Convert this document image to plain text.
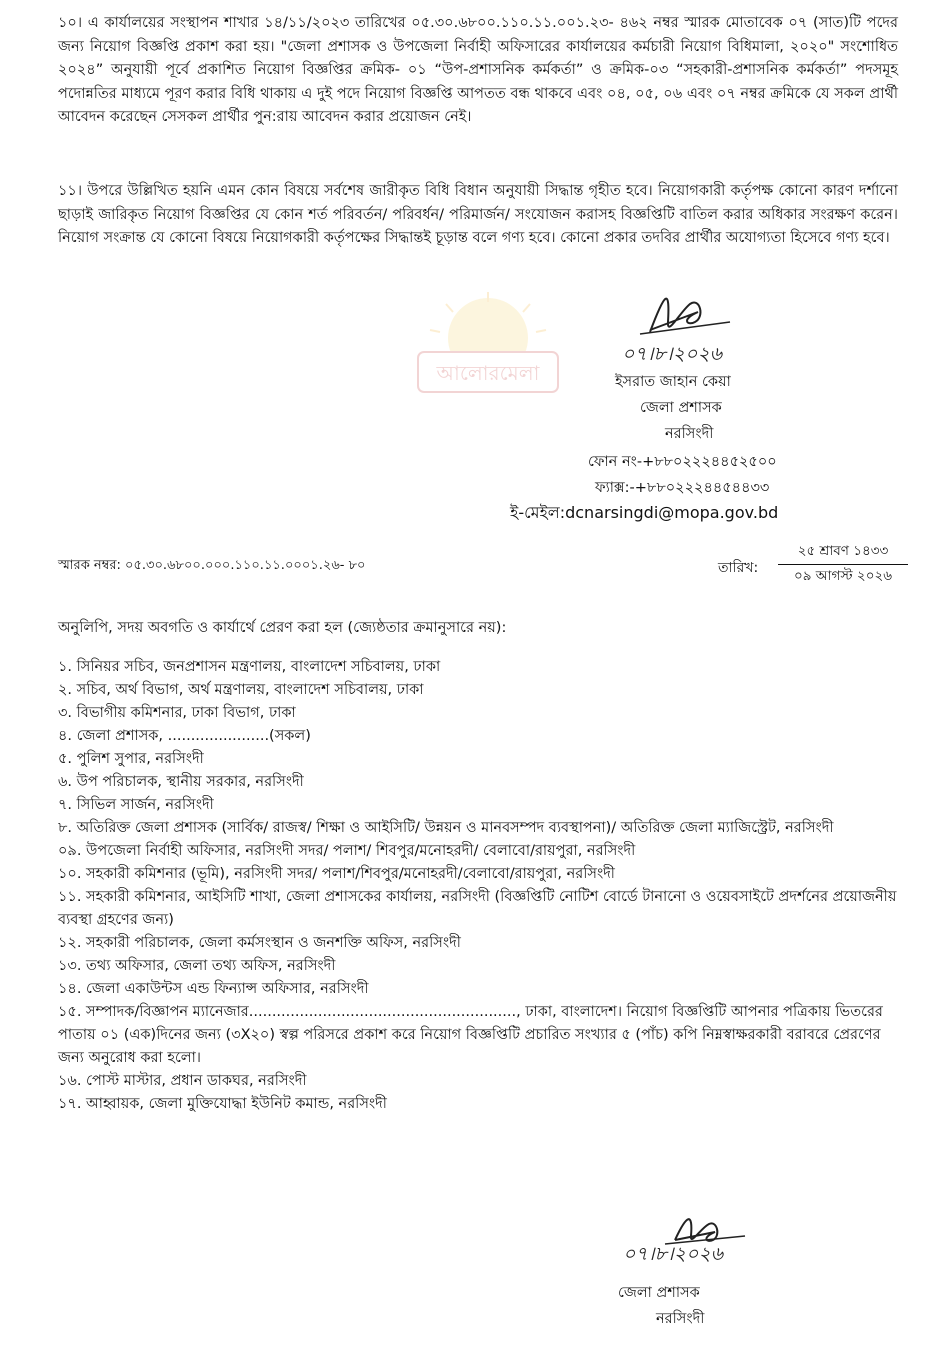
১০। এ কার্যালয়ের সংস্থাপন শাখার ১৪/১১/২০২৩ তারিখের ০৫.৩০.৬৮০০.১১০.১১.০০১.২৩- ৪৬২ নম্বর স্মারক মোতাবেক ০৭ (সাত)টি পদের জন্য নিয়োগ বিজ্ঞপ্তি প্রকাশ করা হয়। "জেলা প্রশাসক ও উপজেলা নির্বাহী অফিসারের কার্যালয়ের কর্মচারী নিয়োগ বিধিমালা, ২০২০" সংশোধিত ২০২৪” অনুযায়ী পূর্বে প্রকাশিত নিয়োগ বিজ্ঞপ্তির ক্রমিক- ০১ “উপ-প্রশাসনিক কর্মকর্তা” ও ক্রমিক-০৩ “সহকারী-প্রশাসনিক কর্মকর্তা” পদসমূহ পদোন্নতির মাধ্যমে পূরণ করার বিধি থাকায় এ দুই পদে নিয়োগ বিজ্ঞপ্তি আপতত বন্ধ থাকবে এবং ০৪, ০৫, ০৬ এবং ০৭ নম্বর ক্রমিকে যে সকল প্রার্থী আবেদন করেছেন সেসকল প্রার্থীর পুন:রায় আবেদন করার প্রয়োজন নেই।

১১। উপরে উল্লিখিত হয়নি এমন কোন বিষয়ে সর্বশেষ জারীকৃত বিধি বিধান অনুযায়ী সিদ্ধান্ত গৃহীত হবে। নিয়োগকারী কর্তৃপক্ষ কোনো কারণ দর্শানো ছাড়াই জারিকৃত নিয়োগ বিজ্ঞপ্তির যে কোন শর্ত পরিবর্তন/ পরিবর্ধন/ পরিমার্জন/ সংযোজন করাসহ বিজ্ঞপ্তিটি বাতিল করার অধিকার সংরক্ষণ করেন। নিয়োগ সংক্রান্ত যে কোনো বিষয়ে নিয়োগকারী কর্তৃপক্ষের সিদ্ধান্তই চূড়ান্ত বলে গণ্য হবে। কোনো প্রকার তদবির প্রার্থীর অযোগ্যতা হিসেবে গণ্য হবে।

আলোরমেলা
০৭।৮।২০২৬
ইসরাত জাহান কেয়া
জেলা প্রশাসক
নরসিংদী
ফোন নং-+৮৮০২২২৪৪৫২৫০০
ফ্যাক্স:-+৮৮০২২২৪৪৫৪৪৩৩
ই-মেইল:dcnarsingdi@mopa.gov.bd
স্মারক নম্বর: ০৫.৩০.৬৮০০.০০০.১১০.১১.০০০১.২৬- ৮০	তারিখ:
২৫ শ্রাবণ ১৪৩৩
০৯ আগস্ট ২০২৬
অনুলিপি, সদয় অবগতি ও কার্যার্থে প্রেরণ করা হল (জ্যেষ্ঠতার ক্রমানুসারে নয়):
১. সিনিয়র সচিব, জনপ্রশাসন মন্ত্রণালয়, বাংলাদেশ সচিবালয়, ঢাকা
২. সচিব, অর্থ বিভাগ, অর্থ মন্ত্রণালয়, বাংলাদেশ সচিবালয়, ঢাকা
৩. বিভাগীয় কমিশনার, ঢাকা বিভাগ, ঢাকা
৪. জেলা প্রশাসক, ......................(সকল)
৫. পুলিশ সুপার, নরসিংদী
৬. উপ পরিচালক, স্থানীয় সরকার, নরসিংদী
৭. সিভিল সার্জন, নরসিংদী
৮. অতিরিক্ত জেলা প্রশাসক (সার্বিক/ রাজস্ব/ শিক্ষা ও আইসিটি/ উন্নয়ন ও মানবসম্পদ ব্যবস্থাপনা)/ অতিরিক্ত জেলা ম্যাজিস্ট্রেট, নরসিংদী
০৯. উপজেলা নির্বাহী অফিসার, নরসিংদী সদর/ পলাশ/ শিবপুর/মনোহরদী/ বেলাবো/রায়পুরা, নরসিংদী
১০. সহকারী কমিশনার (ভূমি), নরসিংদী সদর/ পলাশ/শিবপুর/মনোহরদী/বেলাবো/রায়পুরা, নরসিংদী
১১. সহকারী কমিশনার, আইসিটি শাখা, জেলা প্রশাসকের কার্যালয়, নরসিংদী (বিজ্ঞপ্তিটি নোটিশ বোর্ডে টানানো ও ওয়েবসাইটে প্রদর্শনের প্রয়োজনীয় ব্যবস্থা গ্রহণের জন্য)
১২. সহকারী পরিচালক, জেলা কর্মসংস্থান ও জনশক্তি অফিস, নরসিংদী
১৩. তথ্য অফিসার, জেলা তথ্য অফিস, নরসিংদী
১৪. জেলা একাউন্টস এন্ড ফিন্যান্স অফিসার, নরসিংদী
১৫. সম্পাদক/বিজ্ঞাপন ম্যানেজার.........................................................., ঢাকা, বাংলাদেশ। নিয়োগ বিজ্ঞপ্তিটি আপনার পত্রিকায় ভিতরের পাতায় ০১ (এক)দিনের জন্য (৩X২০) স্বল্প পরিসরে প্রকাশ করে নিয়োগ বিজ্ঞপ্তিটি প্রচারিত সংখ্যার ৫ (পাঁচ) কপি নিম্নস্বাক্ষরকারী বরাবরে প্রেরণের জন্য অনুরোধ করা হলো।
১৬. পোস্ট মাস্টার, প্রধান ডাকঘর, নরসিংদী
১৭. আহ্বায়ক, জেলা মুক্তিযোদ্ধা ইউনিট কমান্ড, নরসিংদী
০৭।৮।২০২৬
জেলা প্রশাসক
নরসিংদী
